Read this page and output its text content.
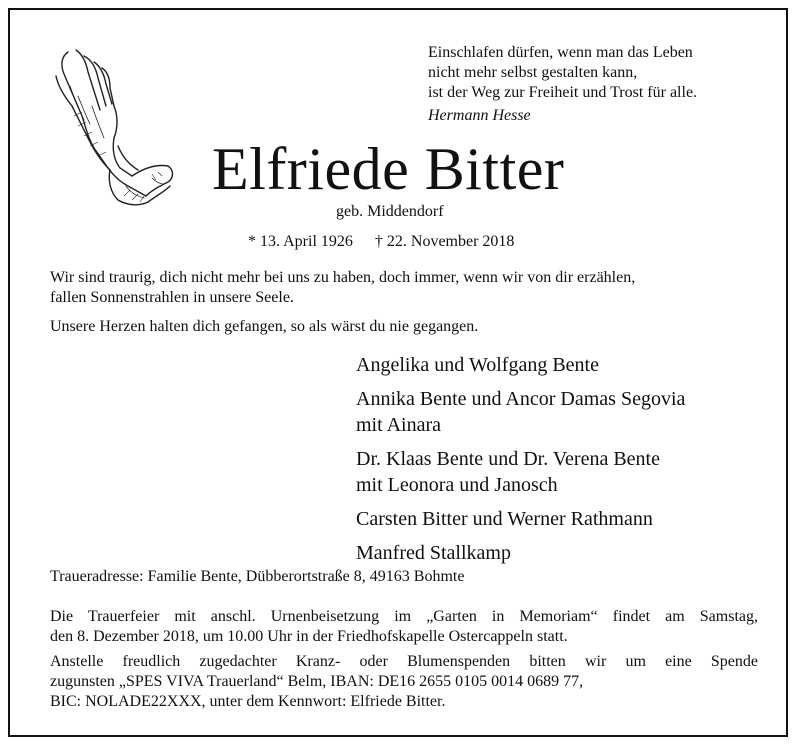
Einschlafen dürfen, wenn man das Leben
nicht mehr selbst gestalten kann,
ist der Weg zur Freiheit und Trost für alle.
Hermann Hesse
Elfriede Bitter
geb. Middendorf
* 13. April 1926 † 22. November 2018
Wir sind traurig, dich nicht mehr bei uns zu haben, doch immer, wenn wir von dir erzählen,
fallen Sonnenstrahlen in unsere Seele.
Unsere Herzen halten dich gefangen, so als wärst du nie gegangen.
Angelika und Wolfgang Bente
Annika Bente und Ancor Damas Segovia
mit Ainara
Dr. Klaas Bente und Dr. Verena Bente
mit Leonora und Janosch
Carsten Bitter und Werner Rathmann
Manfred Stallkamp
Traueradresse: Familie Bente, Dübberortstraße 8, 49163 Bohmte
Die Trauerfeier mit anschl. Urnenbeisetzung im „Garten in Memoriam“ findet am Samstag,
den 8. Dezember 2018, um 10.00 Uhr in der Friedhofskapelle Ostercappeln statt.
Anstelle freudlich zugedachter Kranz- oder Blumenspenden bitten wir um eine Spende
zugunsten „SPES VIVA Trauerland“ Belm, IBAN: DE16 2655 0105 0014 0689 77,
BIC: NOLADE22XXX, unter dem Kennwort: Elfriede Bitter.
